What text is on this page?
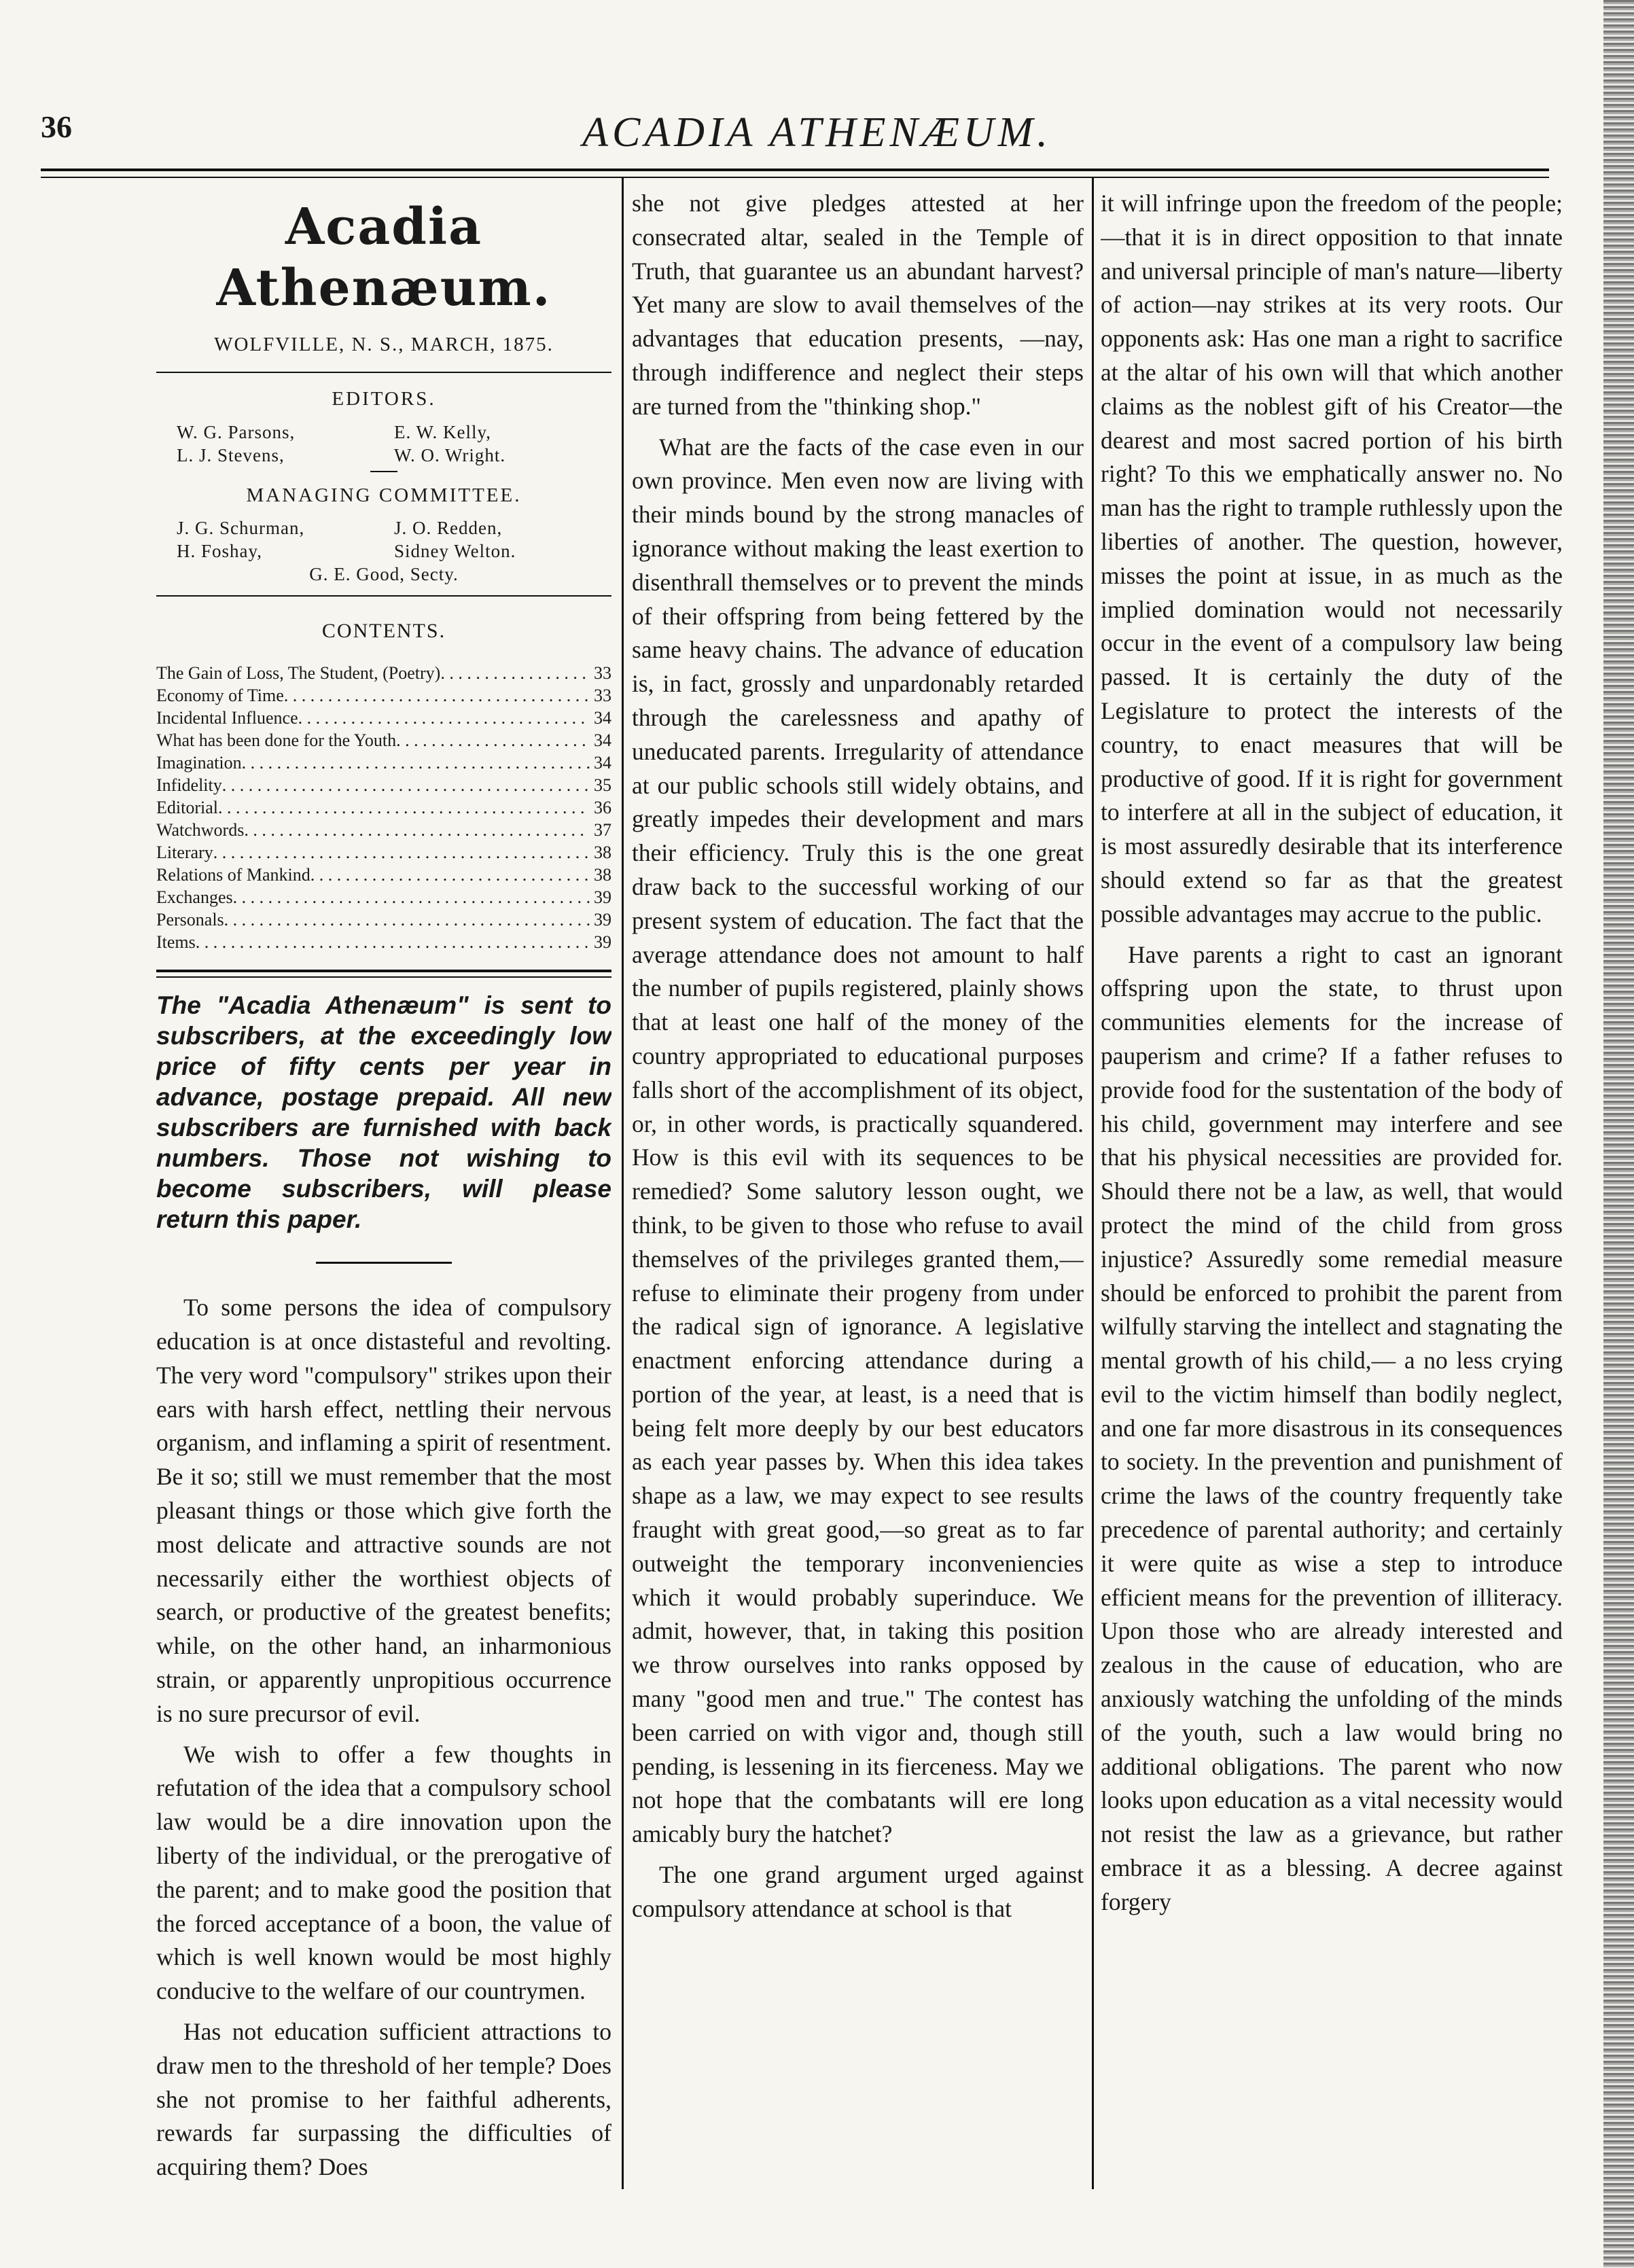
36	ACADIA ATHENÆUM.
Acadia Athenæum.
WOLFVILLE, N. S., MARCH, 1875.
EDITORS.
W. G. Parsons,	E. W. Kelly,
L. J. Stevens,	W. O. Wright.
MANAGING COMMITTEE.
J. G. Schurman,	J. O. Redden,
H. Foshay,	Sidney Welton.
G. E. Good, Secty.
CONTENTS.
The Gain of Loss, The Student, (Poetry) . . .	33
Economy of Time . . .	33
Incidental Influence . . .	34
What has been done for the Youth . . .	34
Imagination . . .	34
Infidelity . . .	35
Editorial . . .	36
Watchwords . . .	37
Literary . . .	38
Relations of Mankind . . .	38
Exchanges . . .	39
Personals . . .	39
Items . . .	39
The "Acadia Athenæum" is sent to subscribers, at the exceedingly low price of fifty cents per year in advance, postage prepaid. All new subscribers are furnished with back numbers. Those not wishing to become subscribers, will please return this paper.

To some persons the idea of compulsory education is at once distasteful and revolting. The very word "compulsory" strikes upon their ears with harsh effect, nettling their nervous organism, and inflaming a spirit of resentment. Be it so; still we must remember that the most pleasant things or those which give forth the most delicate and attractive sounds are not necessarily either the worthiest objects of search, or productive of the greatest benefits; while, on the other hand, an inharmonious strain, or apparently unpropitious occurrence is no sure precursor of evil.

We wish to offer a few thoughts in refutation of the idea that a compulsory school law would be a dire innovation upon the liberty of the individual, or the prerogative of the parent; and to make good the position that the forced acceptance of a boon, the value of which is well known would be most highly conducive to the welfare of our countrymen.

Has not education sufficient attractions to draw men to the threshold of her temple? Does she not promise to her faithful adherents, rewards far surpassing the difficulties of acquiring them? Does

she not give pledges attested at her consecrated altar, sealed in the Temple of Truth, that guarantee us an abundant harvest? Yet many are slow to avail themselves of the advantages that education presents, —nay, through indifference and neglect their steps are turned from the "thinking shop."

What are the facts of the case even in our own province. Men even now are living with their minds bound by the strong manacles of ignorance without making the least exertion to disenthrall themselves or to prevent the minds of their offspring from being fettered by the same heavy chains. The advance of education is, in fact, grossly and unpardonably retarded through the carelessness and apathy of uneducated parents. Irregularity of attendance at our public schools still widely obtains, and greatly impedes their development and mars their efficiency. Truly this is the one great draw back to the successful working of our present system of education. The fact that the average attendance does not amount to half the number of pupils registered, plainly shows that at least one half of the money of the country appropriated to educational purposes falls short of the accomplishment of its object, or, in other words, is practically squandered. How is this evil with its sequences to be remedied? Some salutory lesson ought, we think, to be given to those who refuse to avail themselves of the privileges granted them,—refuse to eliminate their progeny from under the radical sign of ignorance. A legislative enactment enforcing attendance during a portion of the year, at least, is a need that is being felt more deeply by our best educators as each year passes by. When this idea takes shape as a law, we may expect to see results fraught with great good,—so great as to far outweight the temporary inconveniencies which it would probably superinduce. We admit, however, that, in taking this position we throw ourselves into ranks opposed by many "good men and true." The contest has been carried on with vigor and, though still pending, is lessening in its fierceness. May we not hope that the combatants will ere long amicably bury the hatchet?

The one grand argument urged against compulsory attendance at school is that

it will infringe upon the freedom of the people;—that it is in direct opposition to that innate and universal principle of man's nature—liberty of action—nay strikes at its very roots. Our opponents ask: Has one man a right to sacrifice at the altar of his own will that which another claims as the noblest gift of his Creator—the dearest and most sacred portion of his birth right? To this we emphatically answer no. No man has the right to trample ruthlessly upon the liberties of another. The question, however, misses the point at issue, in as much as the implied domination would not necessarily occur in the event of a compulsory law being passed. It is certainly the duty of the Legislature to protect the interests of the country, to enact measures that will be productive of good. If it is right for government to interfere at all in the subject of education, it is most assuredly desirable that its interference should extend so far as that the greatest possible advantages may accrue to the public.

Have parents a right to cast an ignorant offspring upon the state, to thrust upon communities elements for the increase of pauperism and crime? If a father refuses to provide food for the sustentation of the body of his child, government may interfere and see that his physical necessities are provided for. Should there not be a law, as well, that would protect the mind of the child from gross injustice? Assuredly some remedial measure should be enforced to prohibit the parent from wilfully starving the intellect and stagnating the mental growth of his child,— a no less crying evil to the victim himself than bodily neglect, and one far more disastrous in its consequences to society. In the prevention and punishment of crime the laws of the country frequently take precedence of parental authority; and certainly it were quite as wise a step to introduce efficient means for the prevention of illiteracy. Upon those who are already interested and zealous in the cause of education, who are anxiously watching the unfolding of the minds of the youth, such a law would bring no additional obligations. The parent who now looks upon education as a vital necessity would not resist the law as a grievance, but rather embrace it as a blessing. A decree against forgery
